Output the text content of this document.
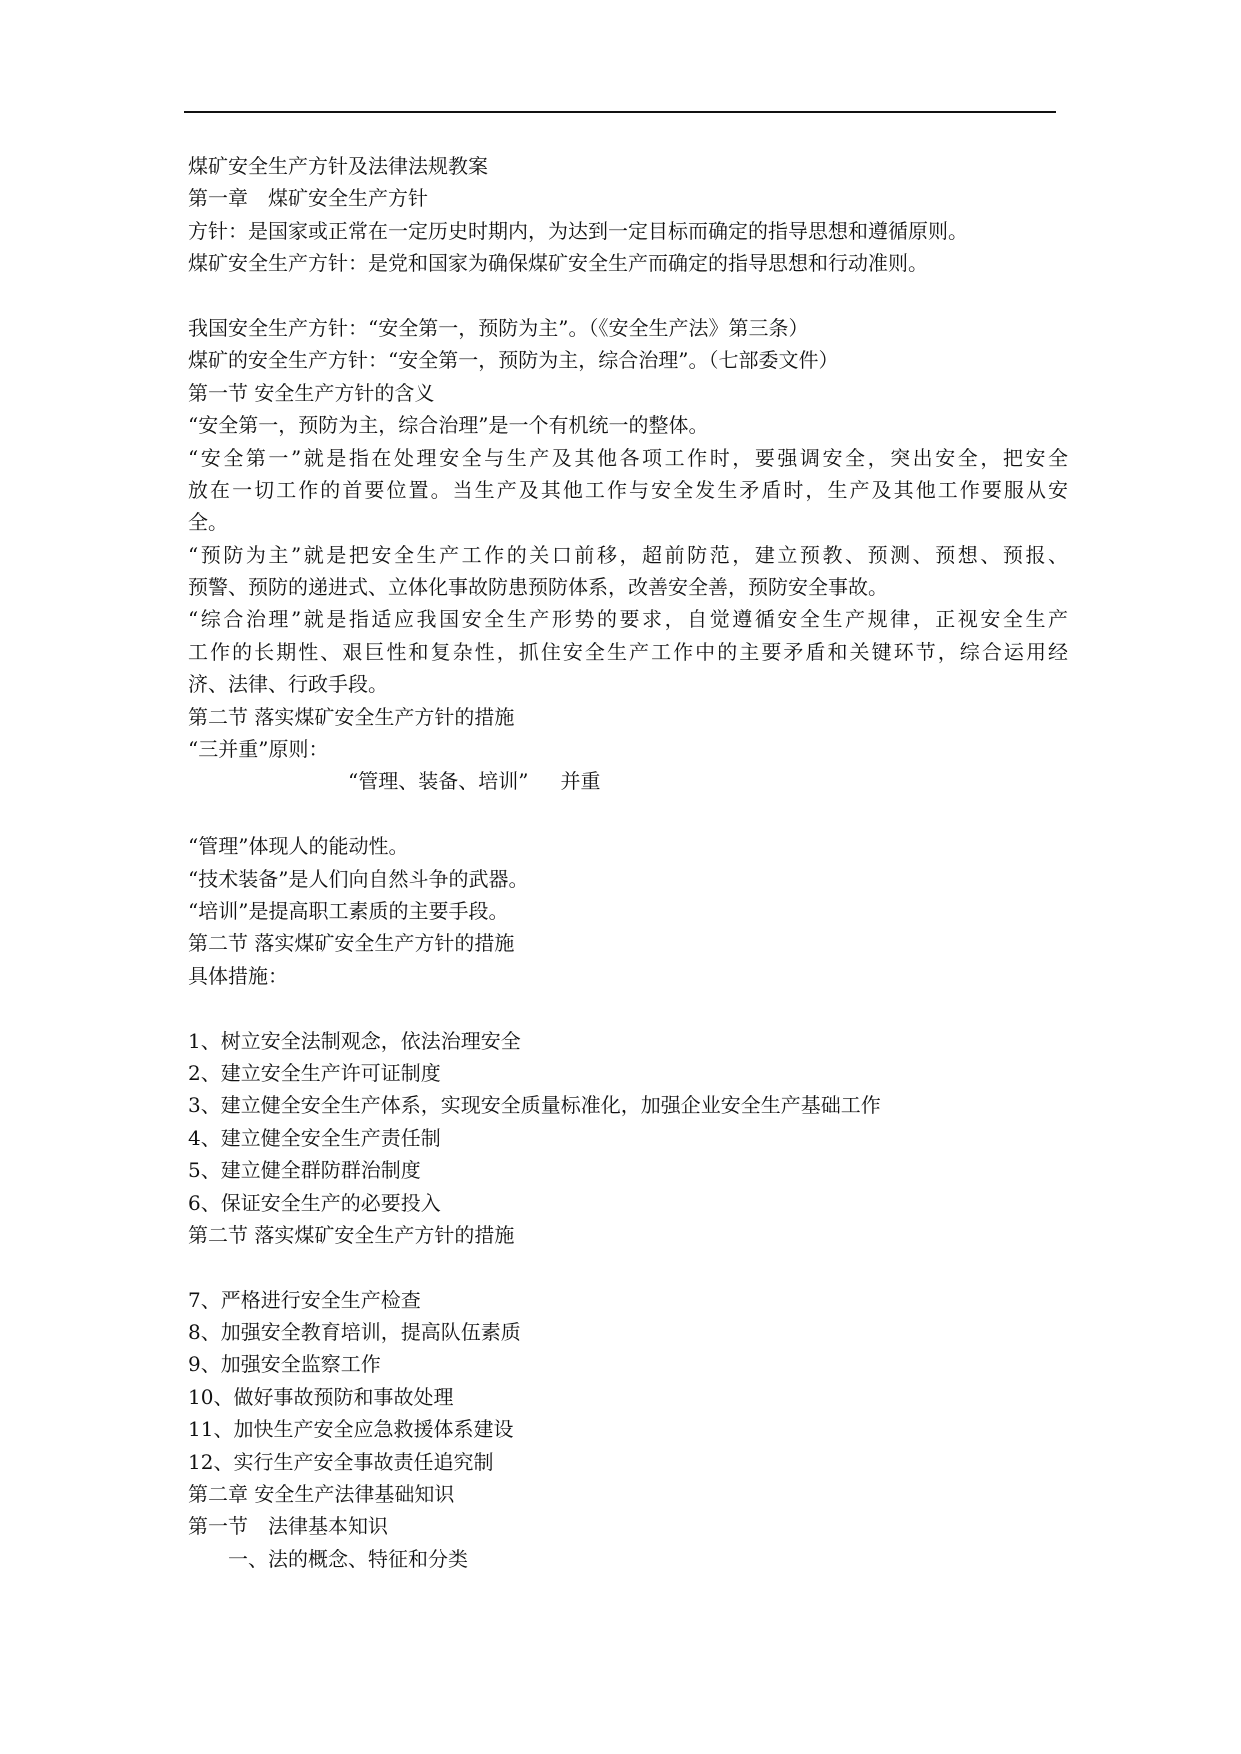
煤矿安全生产方针及法律法规教案
第一章　煤矿安全生产方针
方针：是国家或正常在一定历史时期内，为达到一定目标而确定的指导思想和遵循原则。
煤矿安全生产方针：是党和国家为确保煤矿安全生产而确定的指导思想和行动准则。
我国安全生产方针：“安全第一，预防为主”。（《安全生产法》第三条）
煤矿的安全生产方针：“安全第一，预防为主，综合治理”。（七部委文件）
第一节 安全生产方针的含义
“安全第一，预防为主，综合治理”是一个有机统一的整体。
“安全第一”就是指在处理安全与生产及其他各项工作时，要强调安全，突出安全，把安全
放在一切工作的首要位置。当生产及其他工作与安全发生矛盾时，生产及其他工作要服从安
全。
“预防为主”就是把安全生产工作的关口前移，超前防范，建立预教、预测、预想、预报、
预警、预防的递进式、立体化事故防患预防体系，改善安全善，预防安全事故。
“综合治理”就是指适应我国安全生产形势的要求，自觉遵循安全生产规律，正视安全生产
工作的长期性、艰巨性和复杂性，抓住安全生产工作中的主要矛盾和关键环节，综合运用经
济、法律、行政手段。
第二节 落实煤矿安全生产方针的措施
“三并重”原则：
“管理、装备、培训” 并重
“管理”体现人的能动性。
“技术装备”是人们向自然斗争的武器。
“培训”是提高职工素质的主要手段。
第二节 落实煤矿安全生产方针的措施
具体措施：
1、树立安全法制观念，依法治理安全
2、建立安全生产许可证制度
3、建立健全安全生产体系，实现安全质量标准化，加强企业安全生产基础工作
4、建立健全安全生产责任制
5、建立健全群防群治制度
6、保证安全生产的必要投入
第二节 落实煤矿安全生产方针的措施
7、严格进行安全生产检查
8、加强安全教育培训，提高队伍素质
9、加强安全监察工作
10、做好事故预防和事故处理
11、加快生产安全应急救援体系建设
12、实行生产安全事故责任追究制
第二章 安全生产法律基础知识
第一节　法律基本知识
一、法的概念、特征和分类
